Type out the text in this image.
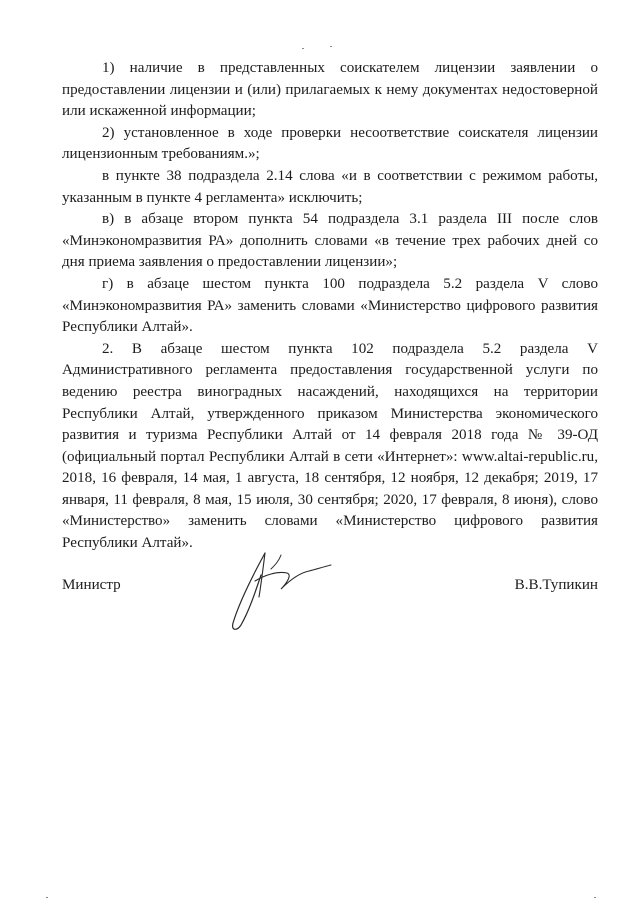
1) наличие в представленных соискателем лицензии заявлении о предоставлении лицензии и (или) прилагаемых к нему документах недостоверной или искаженной информации;

2) установленное в ходе проверки несоответствие соискателя лицензии лицензионным требованиям.»;

в пункте 38 подраздела 2.14 слова «и в соответствии с режимом работы, указанным в пункте 4 регламента» исключить;

в) в абзаце втором пункта 54 подраздела 3.1 раздела III после слов «Минэкономразвития РА» дополнить словами «в течение трех рабочих дней со дня приема заявления о предоставлении лицензии»;

г) в абзаце шестом пункта 100 подраздела 5.2 раздела V слово «Минэкономразвития РА» заменить словами «Министерство цифрового развития Республики Алтай».

2. В абзаце шестом пункта 102 подраздела 5.2 раздела V Административного регламента предоставления государственной услуги по ведению реестра виноградных насаждений, находящихся на территории Республики Алтай, утвержденного приказом Министерства экономического развития и туризма Республики Алтай от 14 февраля 2018 года № 39-ОД (официальный портал Республики Алтай в сети «Интернет»: www.altai-republic.ru, 2018, 16 февраля, 14 мая, 1 августа, 18 сентября, 12 ноября, 12 декабря; 2019, 17 января, 11 февраля, 8 мая, 15 июля, 30 сентября; 2020, 17 февраля, 8 июня), слово «Министерство» заменить словами «Министерство цифрового развития Республики Алтай».

Министр	В.В.Тупикин
